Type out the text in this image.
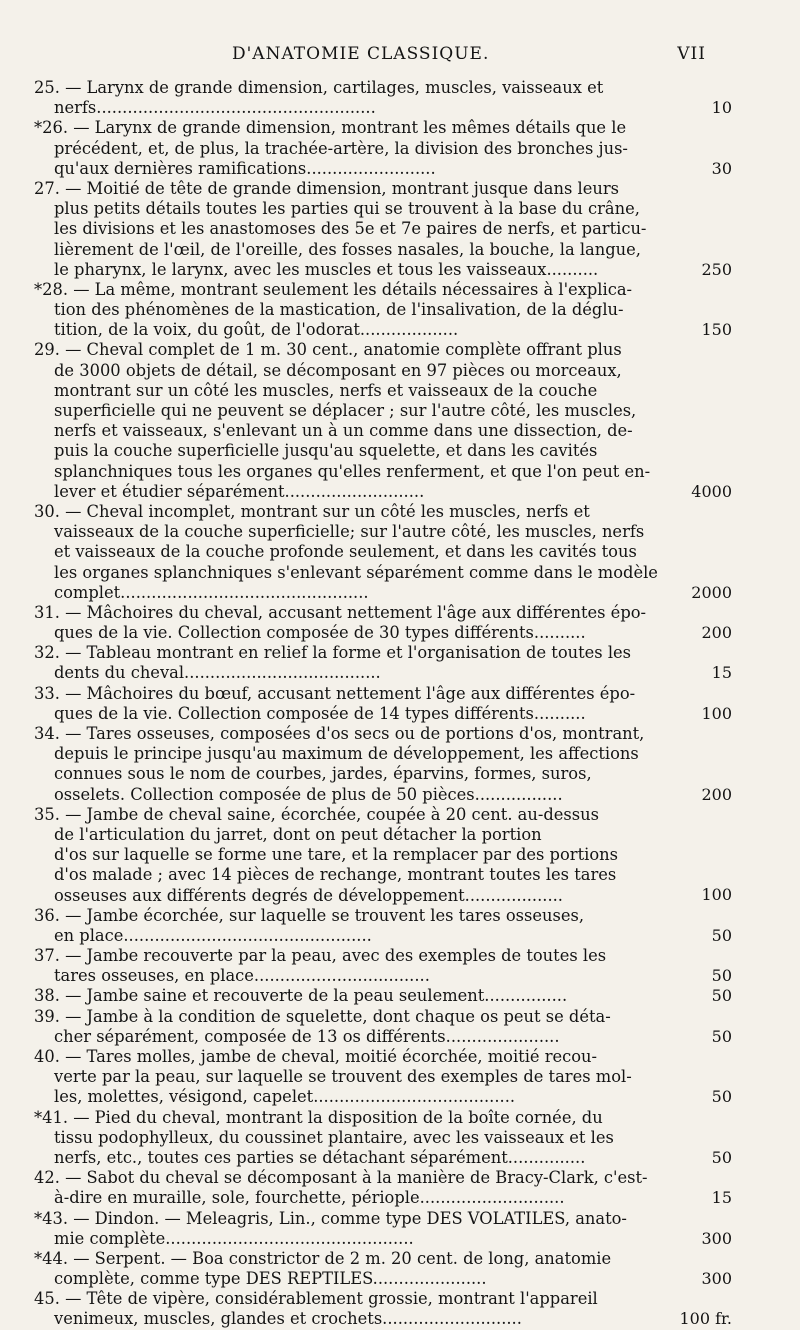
D'ANATOMIE CLASSIQUE.	VII
25. — Larynx de grande dimension, cartilages, muscles, vaisseaux et
nerfs......................................................	10
*26. — Larynx de grande dimension, montrant les mêmes détails que le
précédent, et, de plus, la trachée-artère, la division des bronches jus-
qu'aux dernières ramifications.........................	30
27. — Moitié de tête de grande dimension, montrant jusque dans leurs
plus petits détails toutes les parties qui se trouvent à la base du crâne,
les divisions et les anastomoses des 5e et 7e paires de nerfs, et particu-
lièrement de l'œil, de l'oreille, des fosses nasales, la bouche, la langue,
le pharynx, le larynx, avec les muscles et tous les vaisseaux..........	250
*28. — La même, montrant seulement les détails nécessaires à l'explica-
tion des phénomènes de la mastication, de l'insalivation, de la déglu-
tition, de la voix, du goût, de l'odorat...................	150
29. — Cheval complet de 1 m. 30 cent., anatomie complète offrant plus
de 3000 objets de détail, se décomposant en 97 pièces ou morceaux,
montrant sur un côté les muscles, nerfs et vaisseaux de la couche
superficielle qui ne peuvent se déplacer ; sur l'autre côté, les muscles,
nerfs et vaisseaux, s'enlevant un à un comme dans une dissection, de-
puis la couche superficielle jusqu'au squelette, et dans les cavités
splanchniques tous les organes qu'elles renferment, et que l'on peut en-
lever et étudier séparément...........................	4000
30. — Cheval incomplet, montrant sur un côté les muscles, nerfs et
vaisseaux de la couche superficielle; sur l'autre côté, les muscles, nerfs
et vaisseaux de la couche profonde seulement, et dans les cavités tous
les organes splanchniques s'enlevant séparément comme dans le modèle
complet................................................	2000
31. — Mâchoires du cheval, accusant nettement l'âge aux différentes épo-
ques de la vie. Collection composée de 30 types différents..........	200
32. — Tableau montrant en relief la forme et l'organisation de toutes les
dents du cheval......................................	15
33. — Mâchoires du bœuf, accusant nettement l'âge aux différentes épo-
ques de la vie. Collection composée de 14 types différents..........	100
34. — Tares osseuses, composées d'os secs ou de portions d'os, montrant,
depuis le principe jusqu'au maximum de développement, les affections
connues sous le nom de courbes, jardes, éparvins, formes, suros,
osselets. Collection composée de plus de 50 pièces.................	200
35. — Jambe de cheval saine, écorchée, coupée à 20 cent. au-dessus
de l'articulation du jarret, dont on peut détacher la portion
d'os sur laquelle se forme une tare, et la remplacer par des portions
d'os malade ; avec 14 pièces de rechange, montrant toutes les tares
osseuses aux différents degrés de développement...................	100
36. — Jambe écorchée, sur laquelle se trouvent les tares osseuses,
en place................................................	50
37. — Jambe recouverte par la peau, avec des exemples de toutes les
tares osseuses, en place..................................	50
38. — Jambe saine et recouverte de la peau seulement................	50
39. — Jambe à la condition de squelette, dont chaque os peut se déta-
cher séparément, composée de 13 os différents......................	50
40. — Tares molles, jambe de cheval, moitié écorchée, moitié recou-
verte par la peau, sur laquelle se trouvent des exemples de tares mol-
les, molettes, vésigond, capelet.......................................	50
*41. — Pied du cheval, montrant la disposition de la boîte cornée, du
tissu podophylleux, du coussinet plantaire, avec les vaisseaux et les
nerfs, etc., toutes ces parties se détachant séparément...............	50
42. — Sabot du cheval se décomposant à la manière de Bracy-Clark, c'est-
à-dire en muraille, sole, fourchette, périople............................	15
*43. — Dindon. — Meleagris, Lin., comme type DES VOLATILES, anato-
mie complète................................................	300
*44. — Serpent. — Boa constrictor de 2 m. 20 cent. de long, anatomie
complète, comme type DES REPTILES......................	300
45. — Tête de vipère, considérablement grossie, montrant l'appareil
venimeux, muscles, glandes et crochets...........................	100 fr.
